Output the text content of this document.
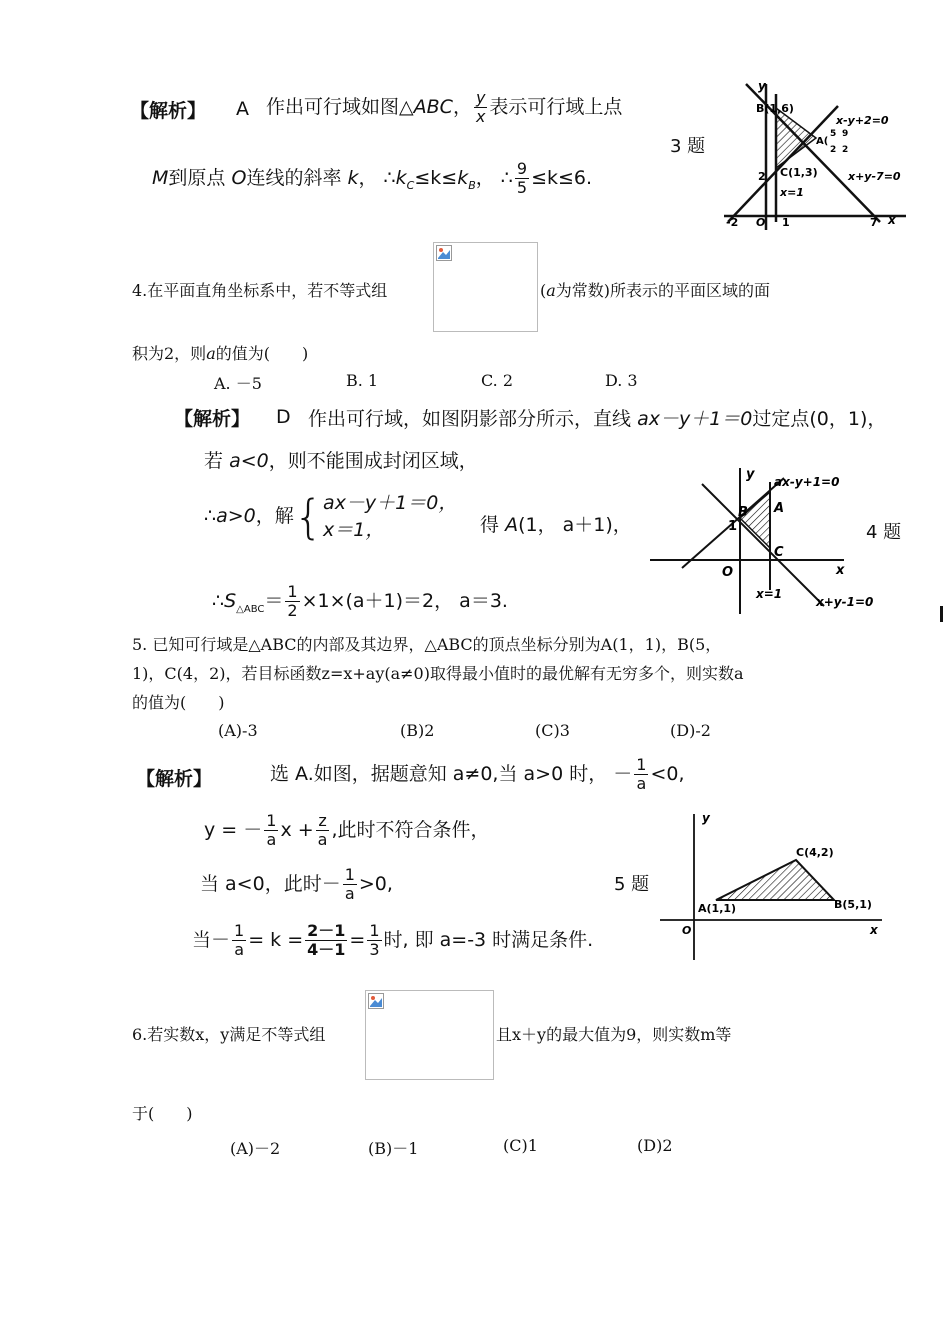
【解析】 A 作出可行域如图△ABC， $\frac{y}{x}$ 表示可行域上点
M到原点 O连线的斜率 k， $\therefore k_C\le k\le k_B$， ∴ $\frac{9}{5} \le k\le 6$.
3 题
y
x
O
-2	1	7
2
B(1,6)
A(
5
2
9
2
C(1,3)
x-y+2=0
x+y-7=0
x=1
4.在平面直角坐标系中，若不等式组	(a为常数)所表示的平面区域的面
积为2，则a的值为(　　)
A. －5	B. 1	C. 2	D. 3
【解析】 D 作出可行域，如图阴影部分所示，直线 ax－y＋1＝0过定点(0，1)，
若 a<0，则不能围成封闭区域，
∴a>0，解{ ax－y＋1＝0，
x＝1，	得 A(1， a＋1)，
$\therefore S_{\triangle ABC}= \frac{1}{2} \times 1\times(a+1)=2$， a＝3.
4 题
y
x
O
1
A
B
C
ax-y+1=0
x+y-1=0
x=1
5. 已知可行域是△ABC的内部及其边界，△ABC的顶点坐标分别为A(1，1)，B(5，
1)，C(4，2)，若目标函数z=x+ay(a≠0)取得最小值时的最优解有无穷多个，则实数a
的值为(　　)
(A)-3	(B)2	(C)3	(D)-2
【解析】	选 A.如图，据题意知 a≠0,当 a>0 时， － $\frac{1}{a} <0$,
y = － $\frac{1}{a}$ $x + \frac{z}{a}$ ,此时不符合条件，
当 a<0，此时－ $\frac{1}{a} >0$,
当－ $\frac{1}{a} = k = \frac{2-1}{4-1} = \frac{1}{3}$ 时, 即 a=-3 时满足条件.
5 题
y
x
O
A(1,1)	B(5,1)
C(4,2)
6.若实数x，y满足不等式组	且x＋y的最大值为9，则实数m等
于(　　)
(A)－2	(B)－1	(C)1	(D)2
